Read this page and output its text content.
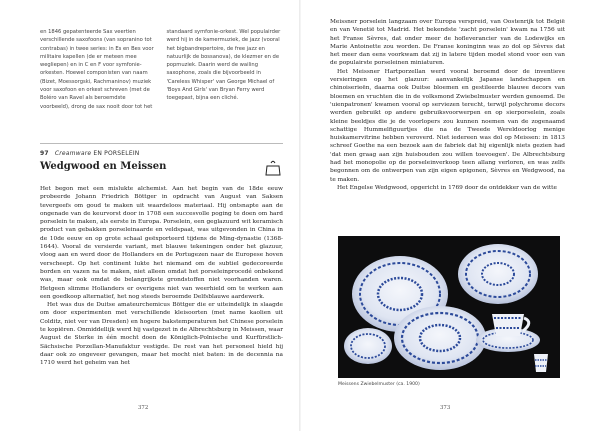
en 1846 gepatenteerde Sax veertien verschillende saxofoons (van sopranino tot contrabas) in twee series: in Es en Bes voor militaire kapellen (de er meteen mee wegliepen) en in C en F voor symfonie-orkesten. Hoewel componisten van naam (Bizet, Moessorgski, Rachmaninov) muziek voor saxofoon en orkest schreven (met de Boléro van Ravel als beroemdste voorbeeld), drong de sax nooit door tot het

standaard symfonie-orkest. Wel populairder werd hij in de kamermuziek, de jazz (vooral het bigbandrepertoire, de free jazz en natuurlijk de bossanova), de klezmer en de popmuziek. Daarin werd de wailing saxophone, zoals die bijvoorbeeld in 'Careless Whisper' van George Michael of 'Boys And Girls' van Bryan Ferry werd toegepast, bijna een cliché.

97 Creamware EN PORSELEIN
Wedgwood en Meissen

Het begon met een mislukte alchemist. Aan het begin van de 18de eeuw probeerde Johann Friedrich Böttger in opdracht van August van Saksen tevergeefs om goud te maken uit waardeloos materiaal. Hij ontsnapte aan de ongenade van de keurvorst door in 1708 een succesvolle poging te doen om hard porselein te maken, als eerste in Europa. Porselein, een geglazuurd wit keramisch product van gebakken porseleinaarde en veldspaat, was uitgevonden in China in de 10de eeuw en op grote schaal geëxporteerd tijdens de Ming-dynastie (1368-1644). Vooral de versierde variant, met blauwe tekeningen onder het glazuur, vloog aan en werd door de Hollanders en de Portugezen naar de Europese hoven verscheept. Op het continent lukte het niemand om de subtiel gedecoreerde borden en vazen na te maken, niet alleen omdat het porseleinprocedé onbekend was, maar ook omdat de belangrijkste grondstoffen niet voorhanden waren. Hetgeen slimme Hollanders er overigens niet van weerhield om te werken aan een goedkoop alternatief, het nog steeds beroemde Delfsblauwe aardewerk.

Het was dus de Duitse amateurchemicus Böttger die er uiteindelijk in slaagde om door experimenten met verschillende kleisoorten (met name kaolien uit Colditz, niet ver van Dresden) en hogere bakstemperaturen het Chinese porselein te kopiëren. Onmiddellijk werd hij vastgezet in de Albrechtsburg in Meissen, waar August de Sterke in één mocht doen de Königlich-Polnische und Kurfürstlich-Sächsische Porzellan-Manufaktur vestigde. De rest van het personeel hield hij daar ook zo ongeveer gevangen, maar het mocht niet baten: in de decennia na 1710 werd het geheim van het

372

Meissner porselein langzaam over Europa verspreid, van Oostenrijk tot België en van Venetië tot Madrid. Het bekendste 'zacht porselein' kwam na 1756 uit het Franse Sèvres, dat onder meer de hofleverancier van de Lodewijks en Marie Antoinette zou worden. De Franse koninginn was zo dol op Sèvres dat het meer dan eens voorkwam dat zij in latere tijden model stond voor een van de populairste porseleinen miniaturen.

Het Meissner Hartporzellan werd vooral beroemd door de inventieve versieringen op het glazuur: aanvankelijk Japanse landschappen en chinoiserieën, daarna ook Duitse bloemen en gestileerde blauwe decors van bloemen en vruchten die in de volksmond Zwiebelmuster werden genoemd. De 'uienpatronen' kwamen vooral op serviezen terecht, terwijl polychrome decors werden gebruikt op andere gebruiksvoorwerpen en op sierporselein, zoals kleine beeldjes die je de voorlopers zou kunnen noemen van de zogenaamd schattige Hummelfiguurtjes die na de Tweede Wereldoorlog menige huiskamervitrine hebben veroverd. Niet iedereen was dol op Meissen: in 1813 schreef Goethe na een bezoek aan de fabriek dat hij eigenlijk niets gezien had 'dat men graag aan zijn huisbouden zou willen toevoegen'. De Albrechtsburg had het monopolie op de porseleinverkoop teen allang verloren, en was zelfs begonnen om de ontwerpen van zijn eigen epigonen, Sèvres en Wedgwood, na te maken.

Het Engelse Wedgwood, opgericht in 1769 door de ontdekker van de witte

Meissens Zwiebelmuster (ca. 1900)
373
